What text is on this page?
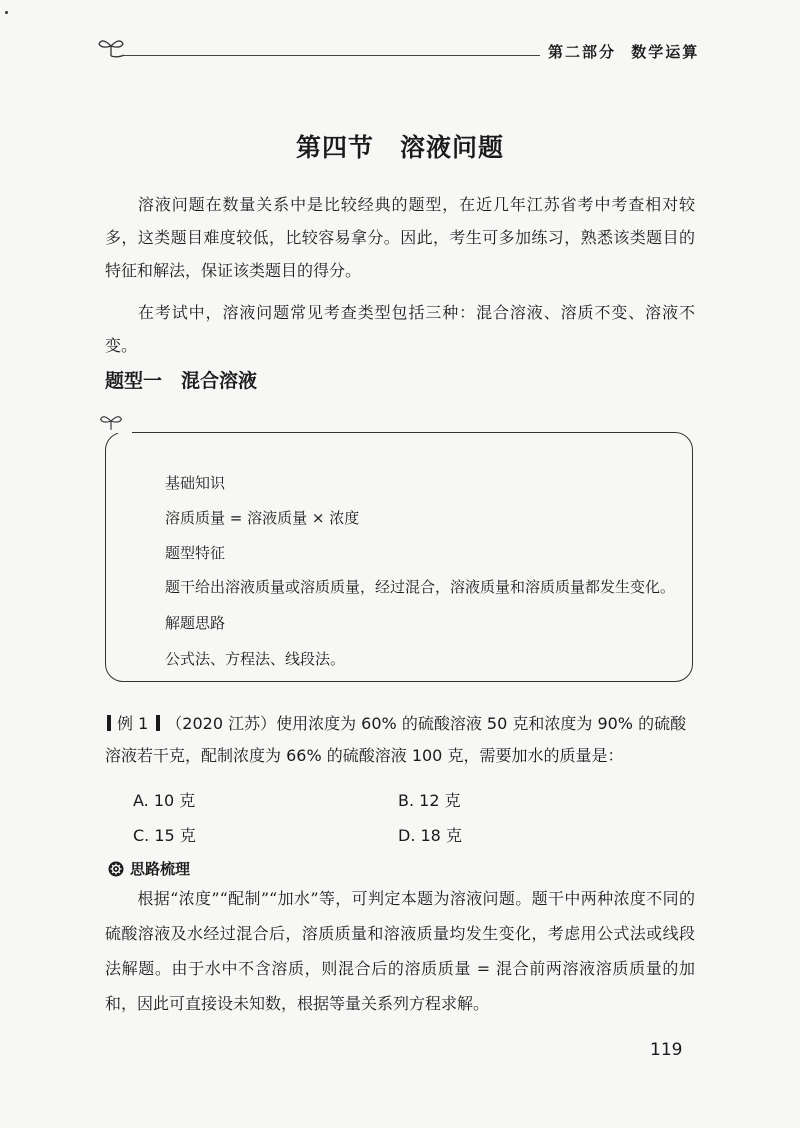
第二部分 数学运算
第四节　溶液问题
溶液问题在数量关系中是比较经典的题型，在近几年江苏省考中考查相对较多，这类题目难度较低，比较容易拿分。因此，考生可多加练习，熟悉该类题目的特征和解法，保证该类题目的得分。
在考试中，溶液问题常见考查类型包括三种：混合溶液、溶质不变、溶液不变。
题型一　混合溶液
基础知识
溶质质量 = 溶液质量 × 浓度
题型特征
题干给出溶液质量或溶质质量，经过混合，溶液质量和溶质质量都发生变化。
解题思路
公式法、方程法、线段法。
例 1 （2020 江苏）使用浓度为 60% 的硫酸溶液 50 克和浓度为 90% 的硫酸溶液若干克，配制浓度为 66% 的硫酸溶液 100 克，需要加水的质量是：
A. 10 克	B. 12 克
C. 15 克	D. 18 克
思路梳理
根据“浓度”“配制”“加水”等，可判定本题为溶液问题。题干中两种浓度不同的硫酸溶液及水经过混合后，溶质质量和溶液质量均发生变化，考虑用公式法或线段法解题。由于水中不含溶质，则混合后的溶质质量 = 混合前两溶液溶质质量的加和，因此可直接设未知数，根据等量关系列方程求解。
119
